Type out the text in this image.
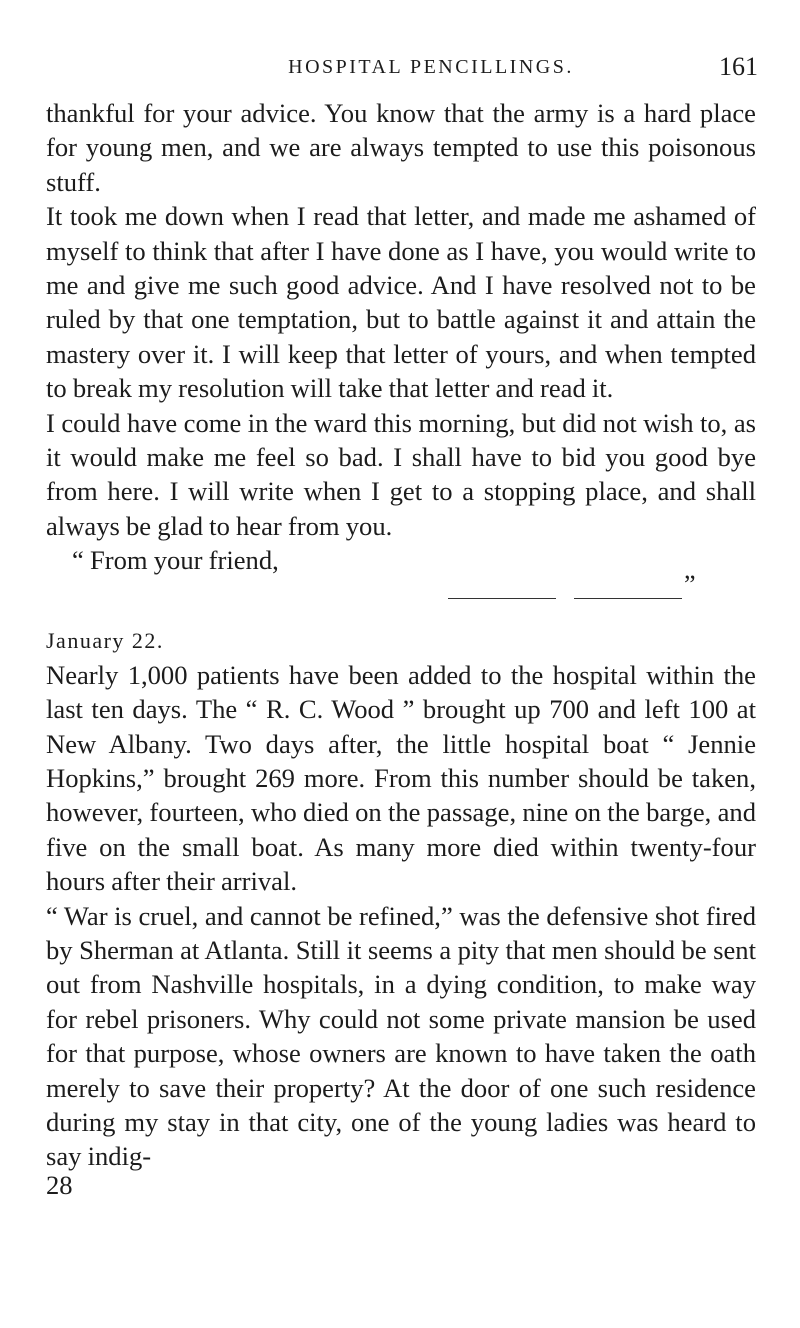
HOSPITAL PENCILLINGS.	161

thankful for your advice. You know that the army is a hard place for young men, and we are always tempted to use this poisonous stuff.

It took me down when I read that letter, and made me ashamed of myself to think that after I have done as I have, you would write to me and give me such good advice. And I have resolved not to be ruled by that one temptation, but to battle against it and attain the mastery over it. I will keep that letter of yours, and when tempted to break my resolution will take that letter and read it.

I could have come in the ward this morning, but did not wish to, as it would make me feel so bad. I shall have to bid you good bye from here. I will write when I get to a stopping place, and shall always be glad to hear from you.

“ From your friend,

”
January 22.

Nearly 1,000 patients have been added to the hospital within the last ten days. The “ R. C. Wood ” brought up 700 and left 100 at New Albany. Two days after, the little hospital boat “ Jennie Hopkins,” brought 269 more. From this number should be taken, however, fourteen, who died on the passage, nine on the barge, and five on the small boat. As many more died within twenty-four hours after their arrival.

“ War is cruel, and cannot be refined,” was the defensive shot fired by Sherman at Atlanta. Still it seems a pity that men should be sent out from Nashville hospitals, in a dying condition, to make way for rebel prisoners. Why could not some private mansion be used for that purpose, whose owners are known to have taken the oath merely to save their property? At the door of one such residence during my stay in that city, one of the young ladies was heard to say indig-

28
